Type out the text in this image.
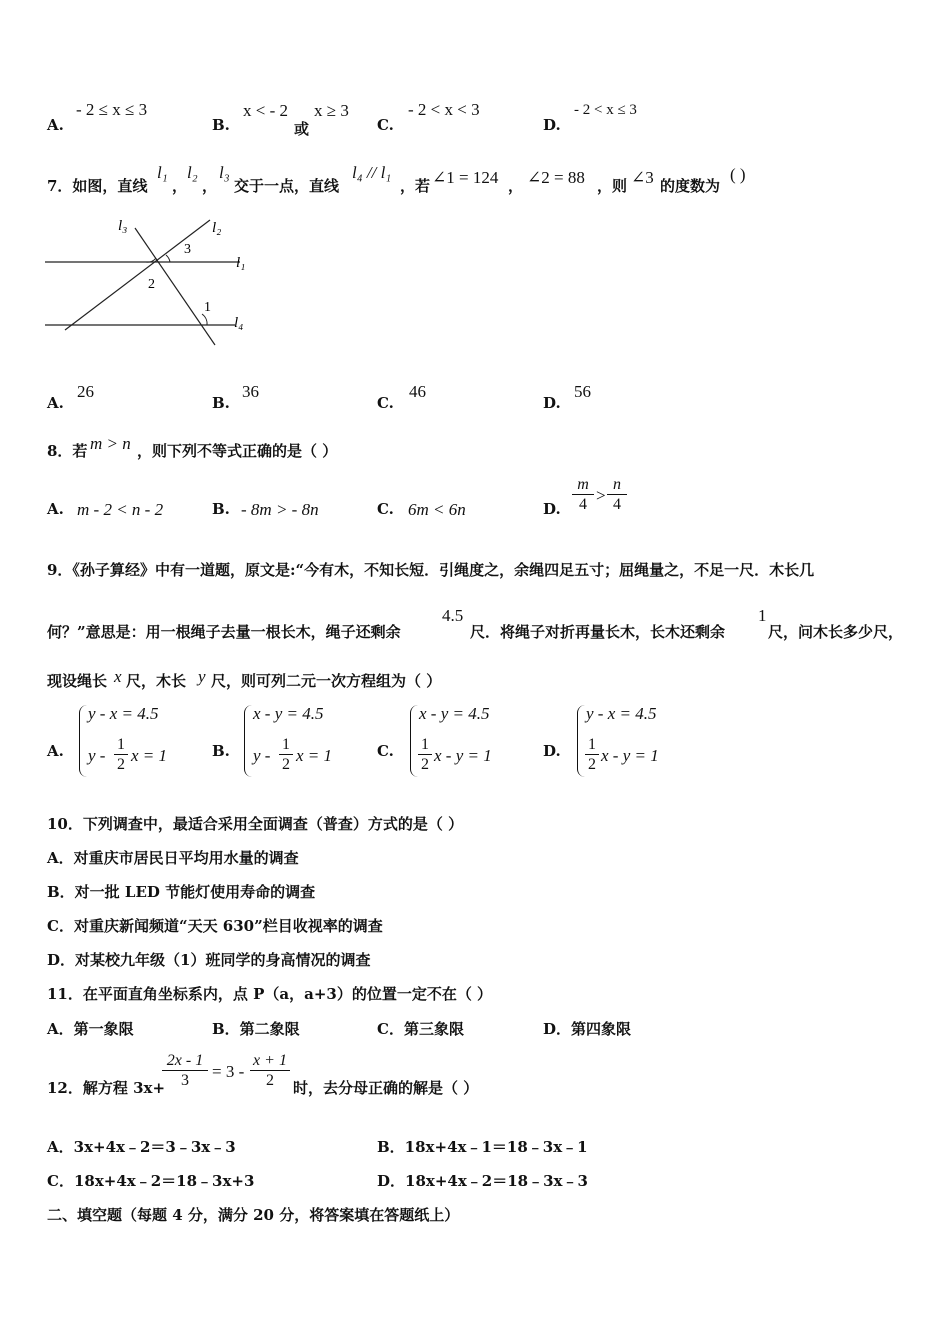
A.
- 2 ≤ x ≤ 3
B.
x < - 2
或
x ≥ 3
C.
- 2 < x < 3
D.
- 2 < x ≤ 3
7．如图，直线
l₁
，
l₂
，
l₃
交于一点，直线
l₄ // l₁
，若 ∠1 = 124 ， ∠2 = 88 ，则 ∠3 的度数为
( )
l₃	l₂
l₁
l₄
3
2
1
A.
26
B.
36
C.
46
D.
56
8．若 m > n ，则下列不等式正确的是（ ）
A. m - 2 < n - 2	B. - 8m > - 8n	C. 6m < 6n	D. $\frac{m}{4} > \frac{n}{4}$
9．《孙子算经》中有一道题，原文是:“今有木，不知长短．引绳度之，余绳四足五寸；屈绳量之，不足一尺．木长几
何？”意思是：用一根绳子去量一根长木，绳子还剩余
4.5
尺．将绳子对折再量长木，长木还剩余
1
尺，问木长多少尺，
现设绳长 x 尺，木长 y 尺，则可列二元一次方程组为（ ）
A.
y - x = 4.5
y - $\frac{1}{2}$ x = 1	B.
x - y = 4.5
y - $\frac{1}{2}$ x = 1	C.
x - y = 4.5
$\frac{1}{2}$ x - y = 1	D.
y - x = 4.5
$\frac{1}{2}$ x - y = 1
10．下列调查中，最适合采用全面调查（普查）方式的是（ ）
A．对重庆市居民日平均用水量的调查
B．对一批 LED 节能灯使用寿命的调查
C．对重庆新闻频道“天天 630”栏目收视率的调查
D．对某校九年级（1）班同学的身高情况的调查
11．在平面直角坐标系内，点 P（a，a+3）的位置一定不在（ ）
A．第一象限	B．第二象限	C．第三象限	D．第四象限
12．解方程 3x+
$\frac{2x - 1}{3} = 3 - \frac{x + 1}{2}$ 时，去分母正确的解是（ ）
A．3x+4x﹣2＝3﹣3x﹣3	B．18x+4x﹣1＝18﹣3x﹣1
C．18x+4x﹣2＝18﹣3x+3	D．18x+4x﹣2＝18﹣3x﹣3
二、填空题（每题 4 分，满分 20 分，将答案填在答题纸上）
